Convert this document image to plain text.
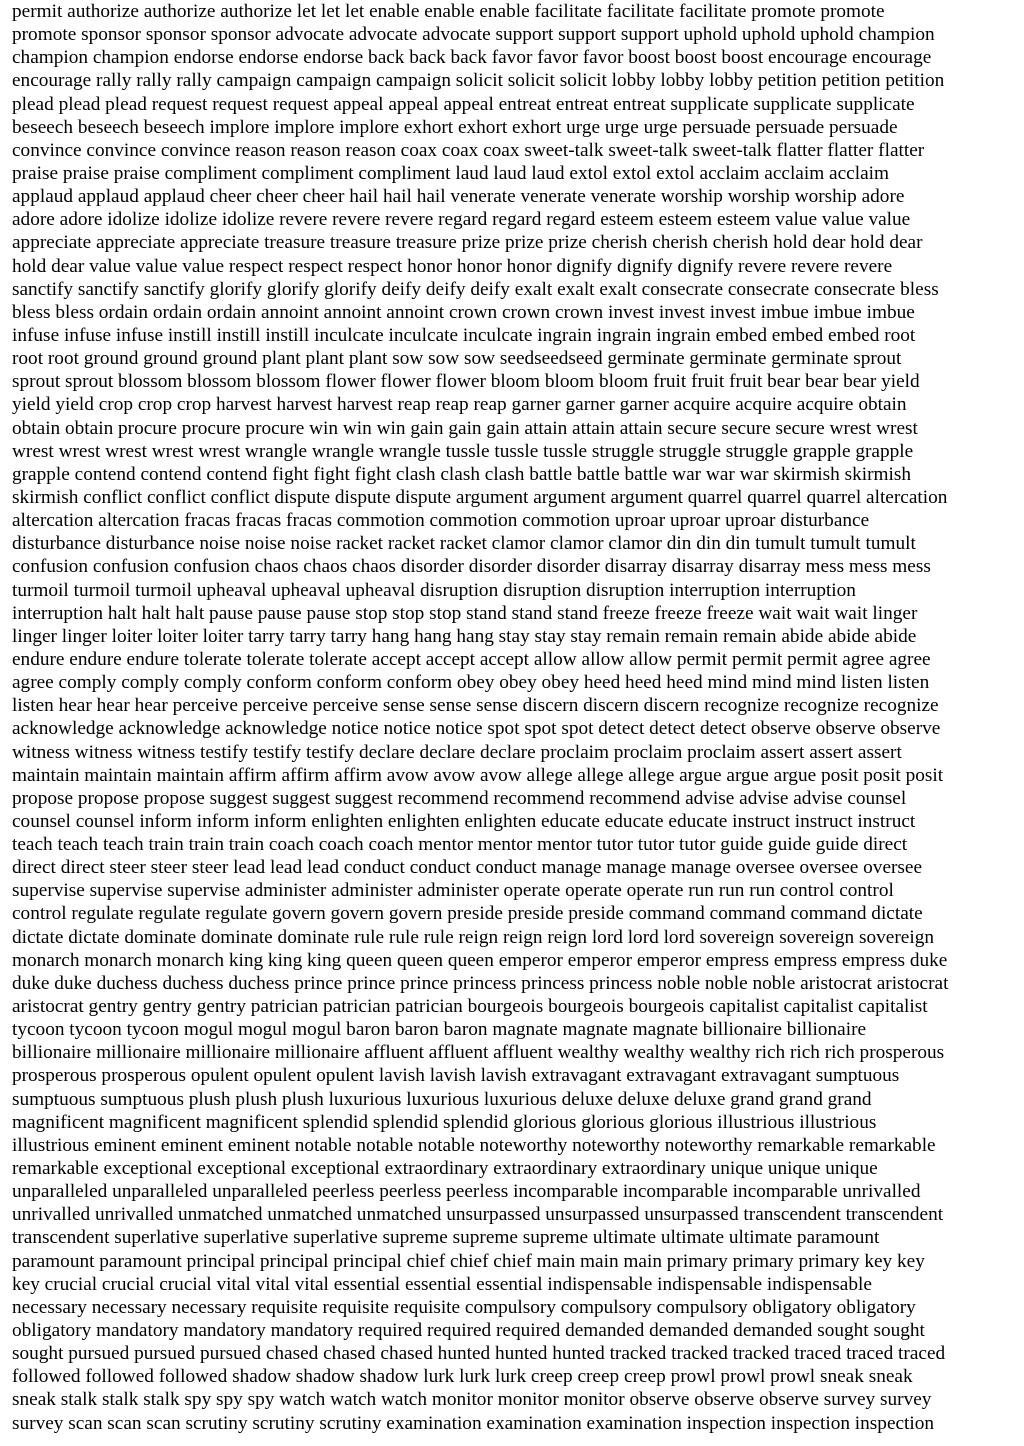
permit authorize authorize authorize let let let enable enable enable facilitate facilitate facilitate promote promote

promote sponsor sponsor sponsor advocate advocate advocate support support support uphold uphold uphold champion

champion champion endorse endorse endorse back back back favor favor favor boost boost boost encourage encourage

encourage rally rally rally campaign campaign campaign solicit solicit solicit lobby lobby lobby petition petition petition

plead plead plead request request request appeal appeal appeal entreat entreat entreat supplicate supplicate supplicate

beseech beseech beseech implore implore implore exhort exhort exhort urge urge urge persuade persuade persuade

convince convince convince reason reason reason coax coax coax sweet-talk sweet-talk sweet-talk flatter flatter flatter

praise praise praise compliment compliment compliment laud laud laud extol extol extol acclaim acclaim acclaim

applaud applaud applaud cheer cheer cheer hail hail hail venerate venerate venerate worship worship worship adore

adore adore idolize idolize idolize revere revere revere regard regard regard esteem esteem esteem value value value

appreciate appreciate appreciate treasure treasure treasure prize prize prize cherish cherish cherish hold dear hold dear

hold dear value value value respect respect respect honor honor honor dignify dignify dignify revere revere revere

sanctify sanctify sanctify glorify glorify glorify deify deify deify exalt exalt exalt consecrate consecrate consecrate bless

bless bless ordain ordain ordain annoint annoint annoint crown crown crown invest invest invest imbue imbue imbue

infuse infuse infuse instill instill instill inculcate inculcate inculcate ingrain ingrain ingrain embed embed embed root

root root ground ground ground plant plant plant sow sow sow seedseedseed germinate germinate germinate sprout

sprout sprout blossom blossom blossom flower flower flower bloom bloom bloom fruit fruit fruit bear bear bear yield

yield yield crop crop crop harvest harvest harvest reap reap reap garner garner garner acquire acquire acquire obtain

obtain obtain procure procure procure win win win gain gain gain attain attain attain secure secure secure wrest wrest

wrest wrest wrest wrest wrest wrangle wrangle wrangle tussle tussle tussle struggle struggle struggle grapple grapple

grapple contend contend contend fight fight fight clash clash clash battle battle battle war war war skirmish skirmish

skirmish conflict conflict conflict dispute dispute dispute argument argument argument quarrel quarrel quarrel altercation

altercation altercation fracas fracas fracas commotion commotion commotion uproar uproar uproar disturbance

disturbance disturbance noise noise noise racket racket racket clamor clamor clamor din din din tumult tumult tumult

confusion confusion confusion chaos chaos chaos disorder disorder disorder disarray disarray disarray mess mess mess

turmoil turmoil turmoil upheaval upheaval upheaval disruption disruption disruption interruption interruption

interruption halt halt halt pause pause pause stop stop stop stand stand stand freeze freeze freeze wait wait wait linger

linger linger loiter loiter loiter tarry tarry tarry hang hang hang stay stay stay remain remain remain abide abide abide

endure endure endure tolerate tolerate tolerate accept accept accept allow allow allow permit permit permit agree agree

agree comply comply comply conform conform conform obey obey obey heed heed heed mind mind mind listen listen

listen hear hear hear perceive perceive perceive sense sense sense discern discern discern recognize recognize recognize

acknowledge acknowledge acknowledge notice notice notice spot spot spot detect detect detect observe observe observe

witness witness witness testify testify testify declare declare declare proclaim proclaim proclaim assert assert assert

maintain maintain maintain affirm affirm affirm avow avow avow allege allege allege argue argue argue posit posit posit

propose propose propose suggest suggest suggest recommend recommend recommend advise advise advise counsel

counsel counsel inform inform inform enlighten enlighten enlighten educate educate educate instruct instruct instruct

teach teach teach train train train coach coach coach mentor mentor mentor tutor tutor tutor guide guide guide direct

direct direct steer steer steer lead lead lead conduct conduct conduct manage manage manage oversee oversee oversee

supervise supervise supervise administer administer administer operate operate operate run run run control control

control regulate regulate regulate govern govern govern preside preside preside command command command dictate

dictate dictate dominate dominate dominate rule rule rule reign reign reign lord lord lord sovereign sovereign sovereign

monarch monarch monarch king king king queen queen queen emperor emperor emperor empress empress empress duke

duke duke duchess duchess duchess prince prince prince princess princess princess noble noble noble aristocrat aristocrat

aristocrat gentry gentry gentry patrician patrician patrician bourgeois bourgeois bourgeois capitalist capitalist capitalist

tycoon tycoon tycoon mogul mogul mogul baron baron baron magnate magnate magnate billionaire billionaire

billionaire millionaire millionaire millionaire affluent affluent affluent wealthy wealthy wealthy rich rich rich prosperous

prosperous prosperous opulent opulent opulent lavish lavish lavish extravagant extravagant extravagant sumptuous

sumptuous sumptuous plush plush plush luxurious luxurious luxurious deluxe deluxe deluxe grand grand grand

magnificent magnificent magnificent splendid splendid splendid glorious glorious glorious illustrious illustrious

illustrious eminent eminent eminent notable notable notable noteworthy noteworthy noteworthy remarkable remarkable

remarkable exceptional exceptional exceptional extraordinary extraordinary extraordinary unique unique unique

unparalleled unparalleled unparalleled peerless peerless peerless incomparable incomparable incomparable unrivalled

unrivalled unrivalled unmatched unmatched unmatched unsurpassed unsurpassed unsurpassed transcendent transcendent

transcendent superlative superlative superlative supreme supreme supreme ultimate ultimate ultimate paramount

paramount paramount principal principal principal chief chief chief main main main primary primary primary key key

key crucial crucial crucial vital vital vital essential essential essential indispensable indispensable indispensable

necessary necessary necessary requisite requisite requisite compulsory compulsory compulsory obligatory obligatory

obligatory mandatory mandatory mandatory required required required demanded demanded demanded sought sought

sought pursued pursued pursued chased chased chased hunted hunted hunted tracked tracked tracked traced traced traced

followed followed followed shadow shadow shadow lurk lurk lurk creep creep creep prowl prowl prowl sneak sneak

sneak stalk stalk stalk spy spy spy watch watch watch monitor monitor monitor observe observe observe survey survey

survey scan scan scan scrutiny scrutiny scrutiny examination examination examination inspection inspection inspection
